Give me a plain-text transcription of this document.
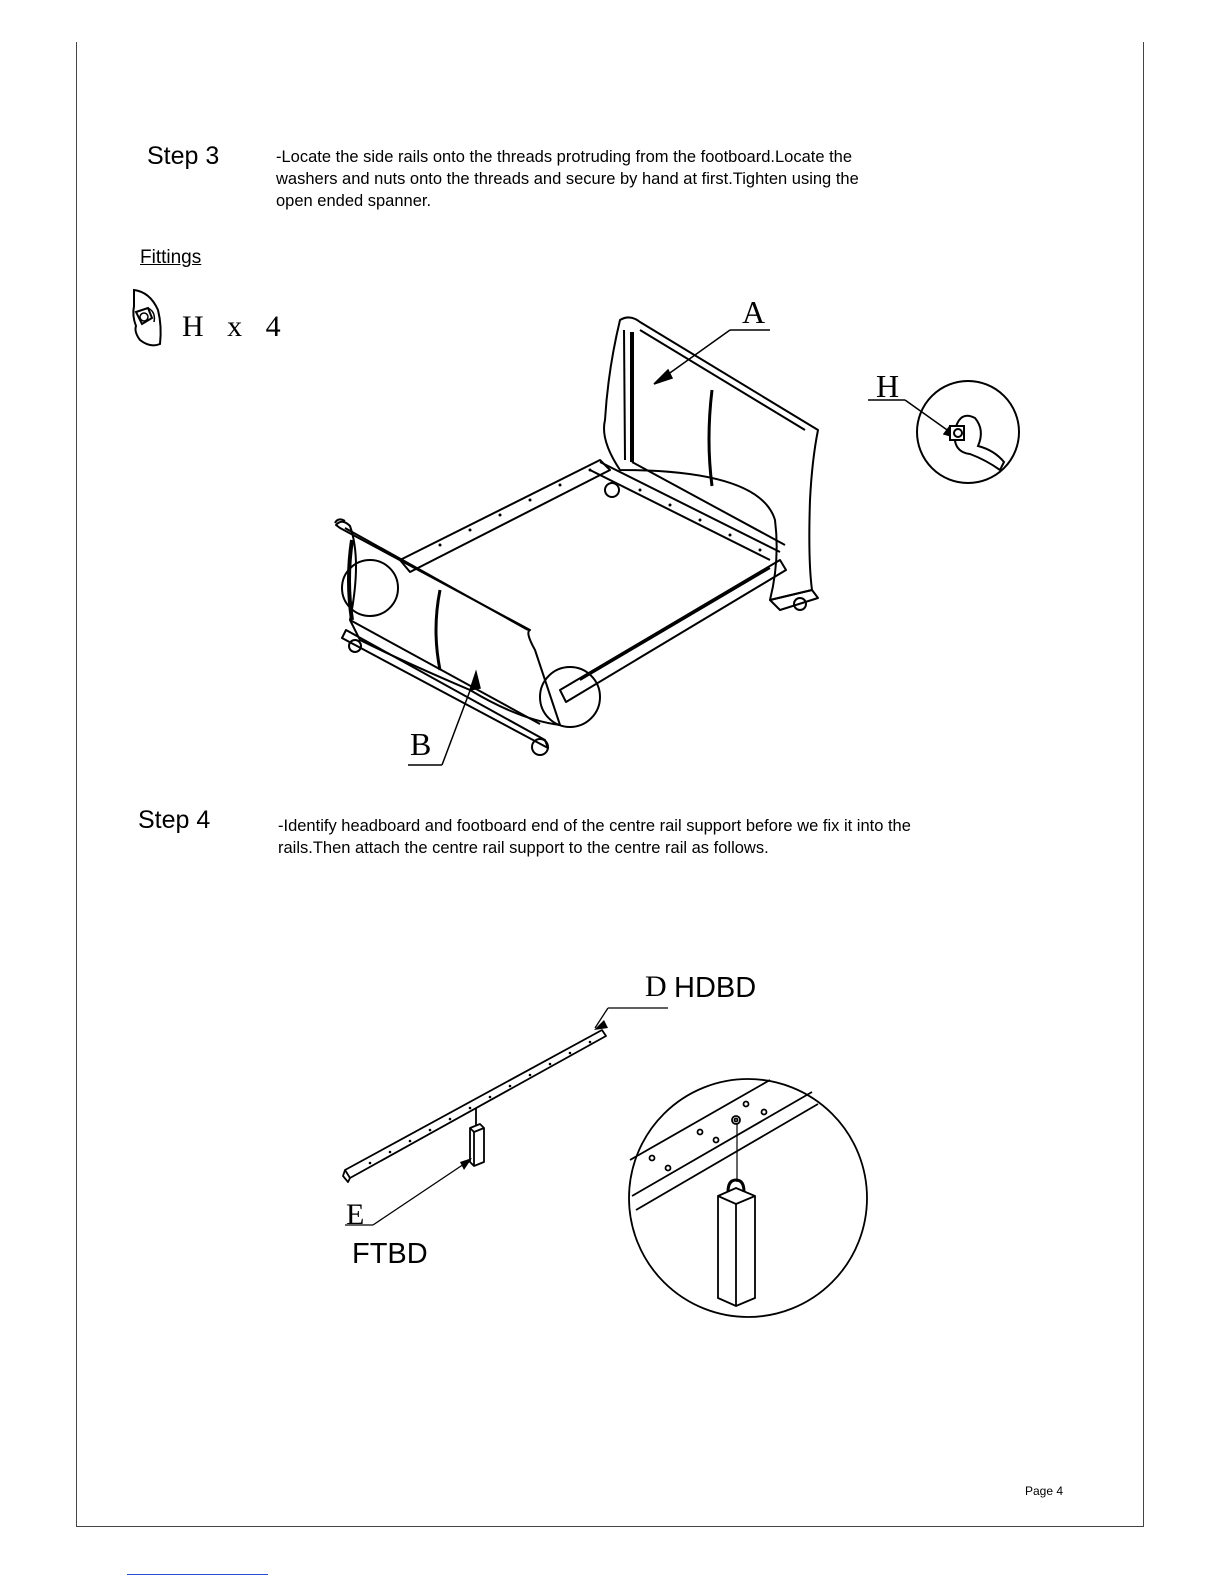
Step 3	-Locate the side rails onto the threads protruding from the footboard.Locate the
washers and nuts onto the threads and secure by hand at first.Tighten using the
open ended spanner.
Fittings
H x 4	A
B
H
Step 4	-Identify headboard and footboard end of the centre rail support before we fix it into the
rails.Then attach the centre rail support to the centre rail as follows.
D HDBD
E
FTBD
Page 4
